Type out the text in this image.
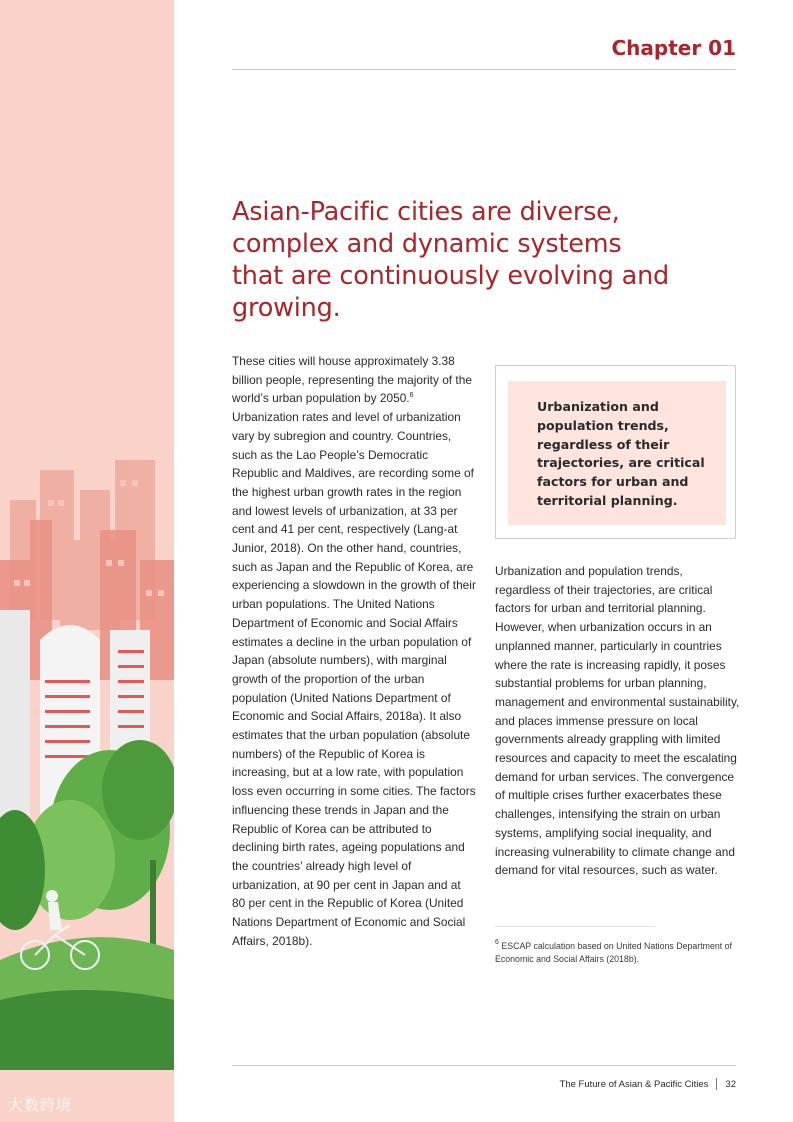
大数跨境
Chapter 01
Asian-Pacific cities are diverse, complex and dynamic systems that are continuously evolving and growing.
These cities will house approximately 3.38 billion people, representing the majority of the world’s urban population by 2050.$^6$ Urbanization rates and level of urbanization vary by subregion and country. Countries, such as the Lao People’s Democratic Republic and Maldives, are recording some of the highest urban growth rates in the region and lowest levels of urbanization, at 33 per cent and 41 per cent, respectively (Lang-at Junior, 2018). On the other hand, countries, such as Japan and the Republic of Korea, are experiencing a slowdown in the growth of their urban populations. The United Nations Department of Economic and Social Affairs estimates a decline in the urban population of Japan (absolute numbers), with marginal growth of the proportion of the urban population (United Nations Department of Economic and Social Affairs, 2018a). It also estimates that the urban population (absolute numbers) of the Republic of Korea is increasing, but at a low rate, with population loss even occurring in some cities. The factors influencing these trends in Japan and the Republic of Korea can be attributed to declining birth rates, ageing populations and the countries’ already high level of urbanization, at 90 per cent in Japan and at 80 per cent in the Republic of Korea (United Nations Department of Economic and Social Affairs, 2018b).
Urbanization and population trends, regardless of their trajectories, are critical factors for urban and territorial planning.
Urbanization and population trends, regardless of their trajectories, are critical factors for urban and territorial planning. However, when urbanization occurs in an unplanned manner, particularly in countries where the rate is increasing rapidly, it poses substantial problems for urban planning, management and environmental sustainability, and places immense pressure on local governments already grappling with limited resources and capacity to meet the escalating demand for urban services. The convergence of multiple crises further exacerbates these challenges, intensifying the strain on urban systems, amplifying social inequality, and increasing vulnerability to climate change and demand for vital resources, such as water.
$^6$ ESCAP calculation based on United Nations Department of Economic and Social Affairs (2018b).
The Future of Asian & Pacific Cities 32
